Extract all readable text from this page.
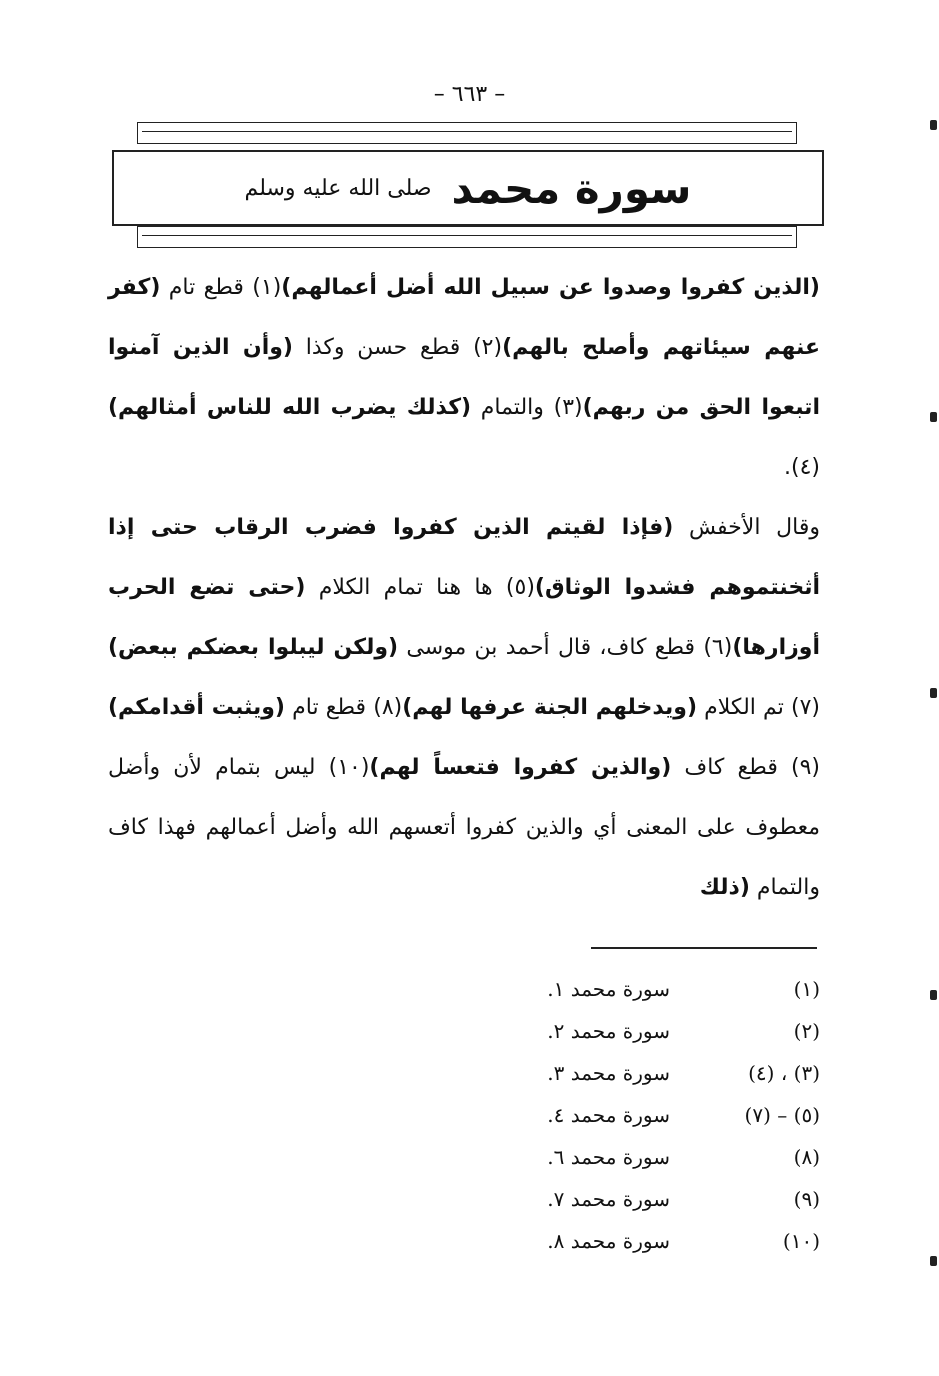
– ٦٦٣ –
سورة محمد
صلى الله عليه وسلم

(الذين كفروا وصدوا عن سبيل الله أضل أعمالهم)(١) قطع تام (كفر عنهم سيئاتهم وأصلح بالهم)(٢) قطع حسن وكذا (وأن الذين آمنوا اتبعوا الحق من ربهم)(٣) والتمام (كذلك يضرب الله للناس أمثالهم)(٤).

وقال الأخفش (فإذا لقيتم الذين كفروا فضرب الرقاب حتى إذا أثخنتموهم فشدوا الوثاق)(٥) ها هنا تمام الكلام (حتى تضع الحرب أوزارها)(٦) قطع كاف، قال أحمد بن موسى (ولكن ليبلوا بعضكم ببعض)(٧) تم الكلام (ويدخلهم الجنة عرفها لهم)(٨) قطع تام (ويثبت أقدامكم)(٩) قطع كاف (والذين كفروا فتعساً لهم)(١٠) ليس بتمام لأن وأضل معطوف على المعنى أي والذين كفروا أتعسهم الله وأضل أعمالهم فهذا كاف والتمام (ذلك

(١)
سورة محمد ١.
(٢)
سورة محمد ٢.
(٣) ، (٤)
سورة محمد ٣.
(٥) – (٧)
سورة محمد ٤.
(٨)
سورة محمد ٦.
(٩)
سورة محمد ٧.
(١٠)
سورة محمد ٨.
